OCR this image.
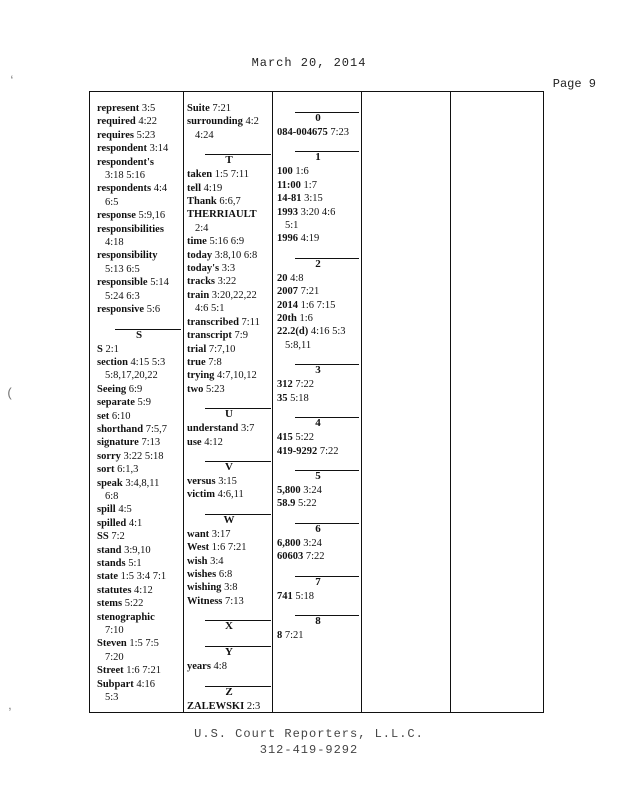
March 20, 2014
Page 9
represent 3:5
required 4:22
requires 5:23
respondent 3:14
respondent's
3:18 5:16
respondents 4:4
6:5
response 5:9,16
responsibilities
4:18
responsibility
5:13 6:5
responsible 5:14
5:24 6:3
responsive 5:6
S
S 2:1
section 4:15 5:3
5:8,17,20,22
Seeing 6:9
separate 5:9
set 6:10
shorthand 7:5,7
signature 7:13
sorry 3:22 5:18
sort 6:1,3
speak 3:4,8,11
6:8
spill 4:5
spilled 4:1
SS 7:2
stand 3:9,10
stands 5:1
state 1:5 3:4 7:1
statutes 4:12
stems 5:22
stenographic
7:10
Steven 1:5 7:5
7:20
Street 1:6 7:21
Subpart 4:16
5:3
Suite 7:21
surrounding 4:2
4:24
T
taken 1:5 7:11
tell 4:19
Thank 6:6,7
THERRIAULT
2:4
time 5:16 6:9
today 3:8,10 6:8
today's 3:3
tracks 3:22
train 3:20,22,22
4:6 5:1
transcribed 7:11
transcript 7:9
trial 7:7,10
true 7:8
trying 4:7,10,12
two 5:23
U
understand 3:7
use 4:12
V
versus 3:15
victim 4:6,11
W
want 3:17
West 1:6 7:21
wish 3:4
wishes 6:8
wishing 3:8
Witness 7:13
X
Y
years 4:8
Z
ZALEWSKI 2:3
0
084-004675 7:23
1
100 1:6
11:00 1:7
14-81 3:15
1993 3:20 4:6
5:1
1996 4:19
2
20 4:8
2007 7:21
2014 1:6 7:15
20th 1:6
22.2(d) 4:16 5:3
5:8,11
3
312 7:22
35 5:18
4
415 5:22
419-9292 7:22
5
5,800 3:24
58.9 5:22
6
6,800 3:24
60603 7:22
7
741 5:18
8
8 7:21
U.S. Court Reporters, L.L.C.
312-419-9292
ʻ
(
ʼ
